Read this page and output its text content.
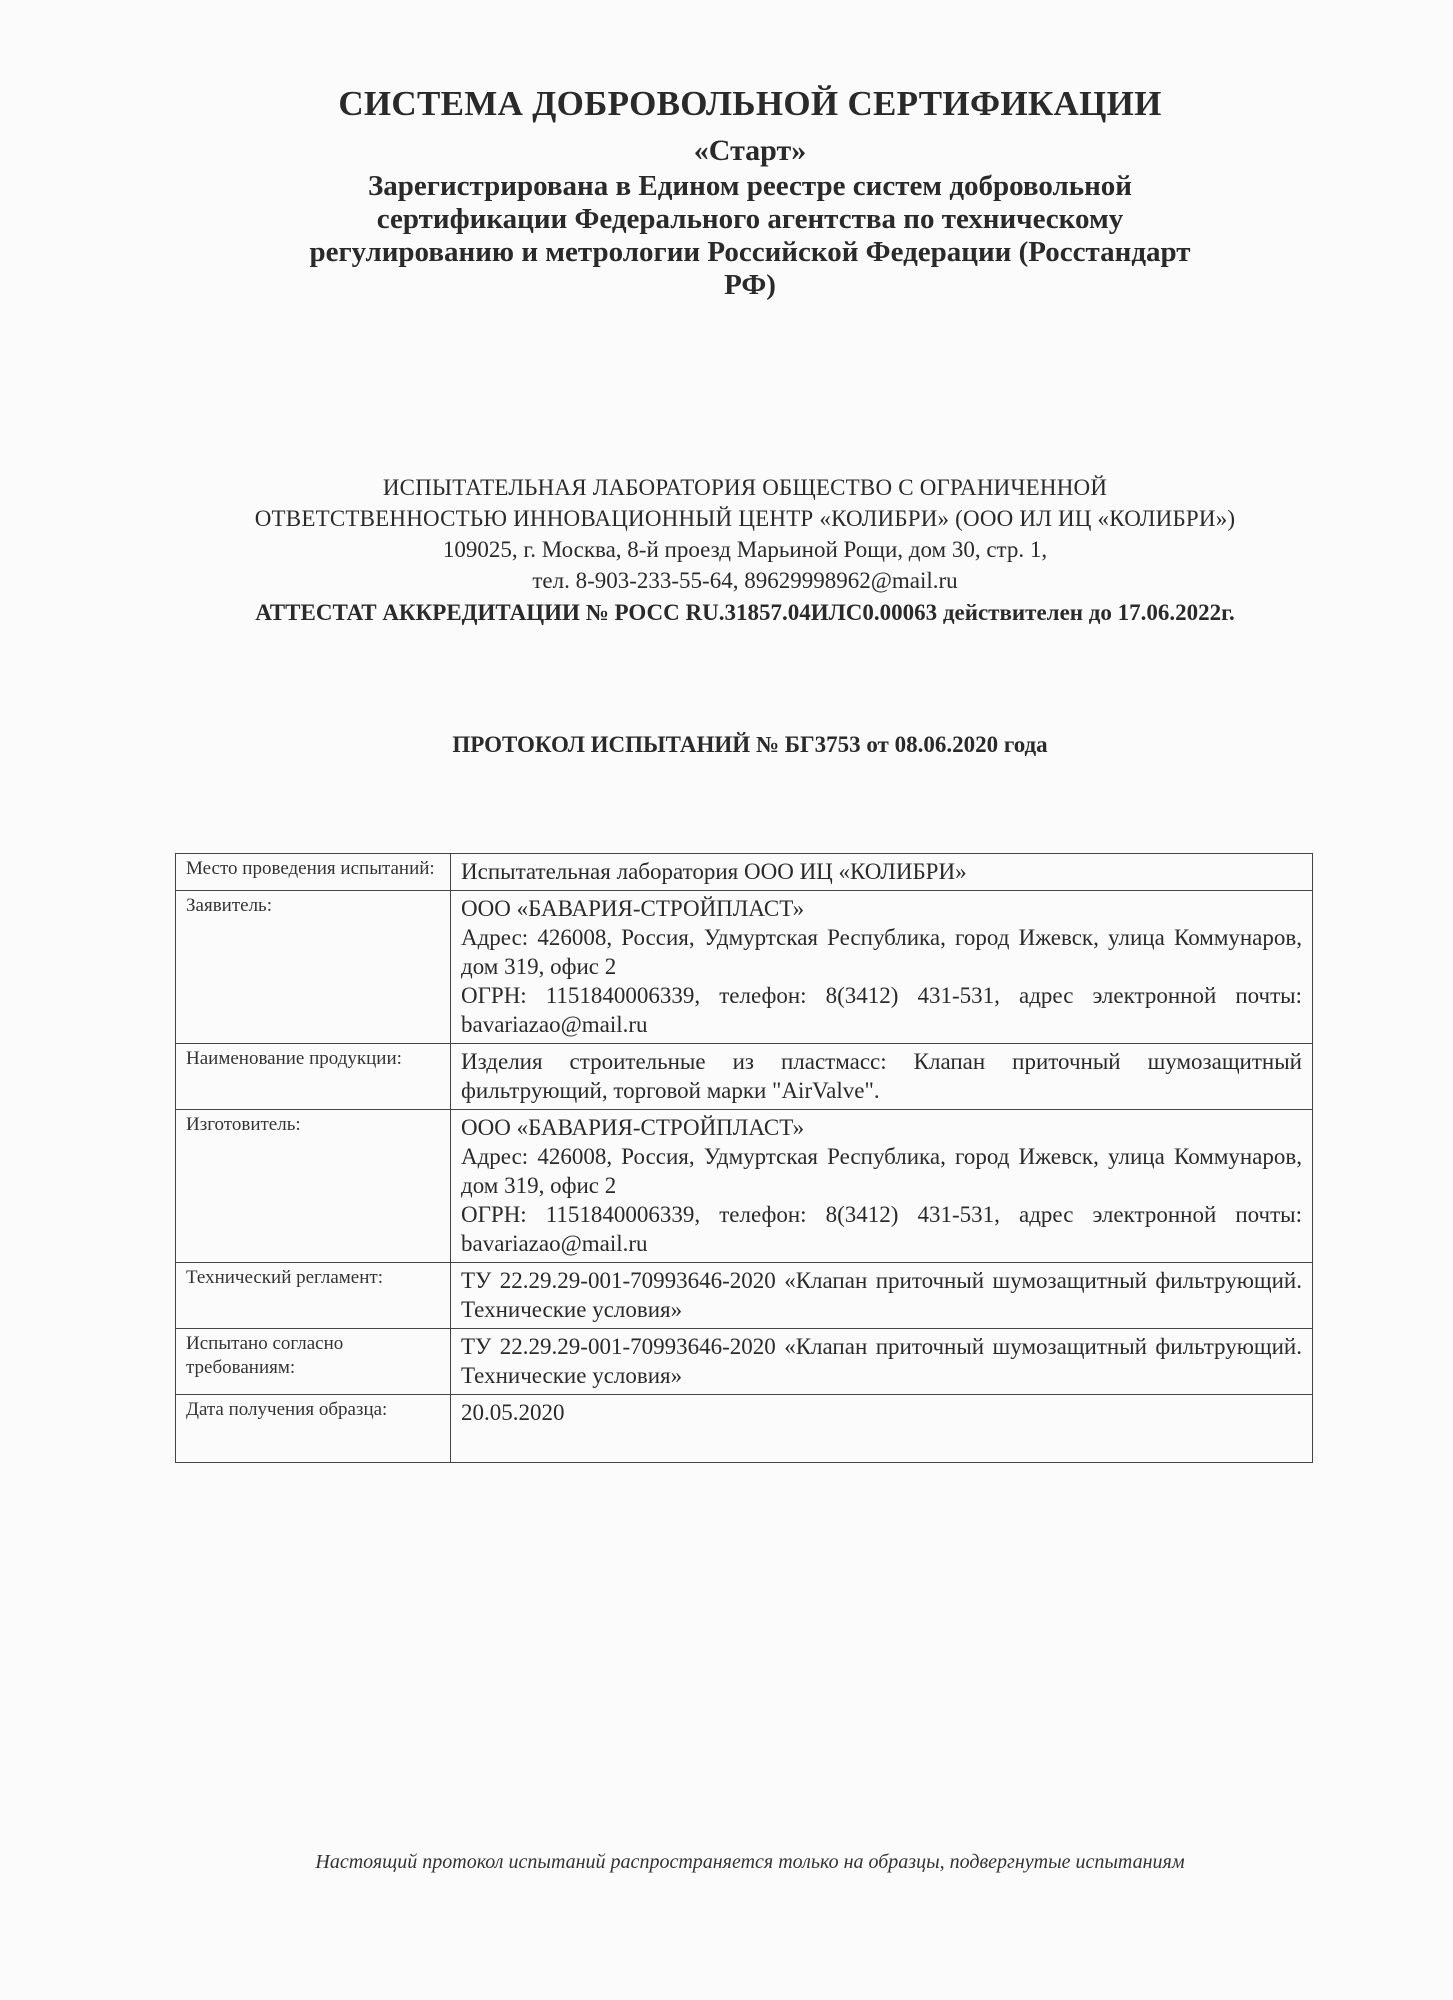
СИСТЕМА ДОБРОВОЛЬНОЙ СЕРТИФИКАЦИИ

«Старт»

Зарегистрирована в Едином реестре систем добровольной сертификации Федерального агентства по техническому регулированию и метрологии Российской Федерации (Росстандарт РФ)

ИСПЫТАТЕЛЬНАЯ ЛАБОРАТОРИЯ ОБЩЕСТВО С ОГРАНИЧЕННОЙ
ОТВЕТСТВЕННОСТЬЮ ИННОВАЦИОННЫЙ ЦЕНТР «КОЛИБРИ» (ООО ИЛ ИЦ «КОЛИБРИ»)
109025, г. Москва, 8-й проезд Марьиной Рощи, дом 30, стр. 1,
тел. 8-903-233-55-64, 89629998962@mail.ru
АТТЕСТАТ АККРЕДИТАЦИИ № РОСС RU.31857.04ИЛС0.00063 действителен до 17.06.2022г.
ПРОТОКОЛ ИСПЫТАНИЙ № БГ3753 от 08.06.2020 года
Место проведения испытаний:	Испытательная лаборатория ООО ИЦ «КОЛИБРИ»

Заявитель:	ООО «БАВАРИЯ-СТРОЙПЛАСТ»
Адрес: 426008, Россия, Удмуртская Республика, город Ижевск, улица Коммунаров, дом 319, офис 2
ОГРН: 1151840006339, телефон: 8(3412) 431-531, адрес электронной почты: bavariazao@mail.ru

Наименование продукции:	Изделия строительные из пластмасс: Клапан приточный шумозащитный фильтрующий, торговой марки "AirValve".

Изготовитель:	ООО «БАВАРИЯ-СТРОЙПЛАСТ»
Адрес: 426008, Россия, Удмуртская Республика, город Ижевск, улица Коммунаров, дом 319, офис 2
ОГРН: 1151840006339, телефон: 8(3412) 431-531, адрес электронной почты: bavariazao@mail.ru

Технический регламент:	ТУ 22.29.29-001-70993646-2020 «Клапан приточный шумозащитный фильтрующий. Технические условия»

Испытано согласно требованиям:	ТУ 22.29.29-001-70993646-2020 «Клапан приточный шумозащитный фильтрующий. Технические условия»

Дата получения образца:	20.05.2020
Настоящий протокол испытаний распространяется только на образцы, подвергнутые испытаниям
